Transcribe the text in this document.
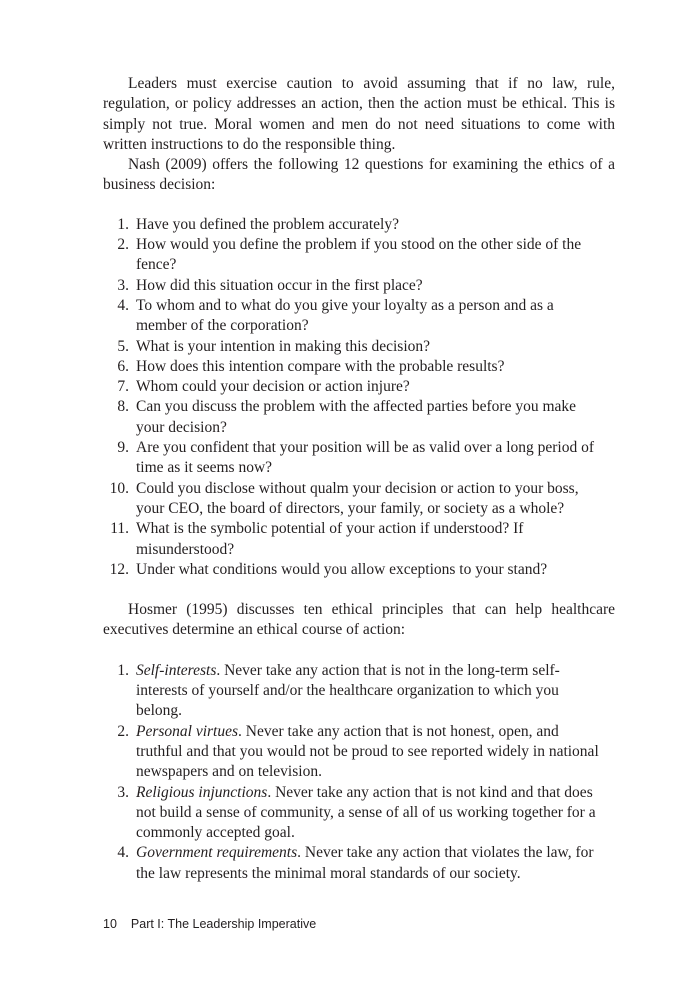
Leaders must exercise caution to avoid assuming that if no law, rule, regulation, or policy addresses an action, then the action must be ethical. This is simply not true. Moral women and men do not need situations to come with written instructions to do the responsible thing.

Nash (2009) offers the following 12 questions for examining the ethics of a business decision:

1. Have you defined the problem accurately?
2. How would you define the problem if you stood on the other side of the fence?
3. How did this situation occur in the first place?
4. To whom and to what do you give your loyalty as a person and as a member of the corporation?
5. What is your intention in making this decision?
6. How does this intention compare with the probable results?
7. Whom could your decision or action injure?
8. Can you discuss the problem with the affected parties before you make your decision?
9. Are you confident that your position will be as valid over a long period of time as it seems now?
10. Could you disclose without qualm your decision or action to your boss, your CEO, the board of directors, your family, or society as a whole?
11. What is the symbolic potential of your action if understood? If misunderstood?
12. Under what conditions would you allow exceptions to your stand?

Hosmer (1995) discusses ten ethical principles that can help healthcare executives determine an ethical course of action:

1. Self-interests. Never take any action that is not in the long-term self-interests of yourself and/or the healthcare organization to which you belong.
2. Personal virtues. Never take any action that is not honest, open, and truthful and that you would not be proud to see reported widely in national newspapers and on television.
3. Religious injunctions. Never take any action that is not kind and that does not build a sense of community, a sense of all of us working together for a commonly accepted goal.
4. Government requirements. Never take any action that violates the law, for the law represents the minimal moral standards of our society.
10 Part I: The Leadership Imperative
